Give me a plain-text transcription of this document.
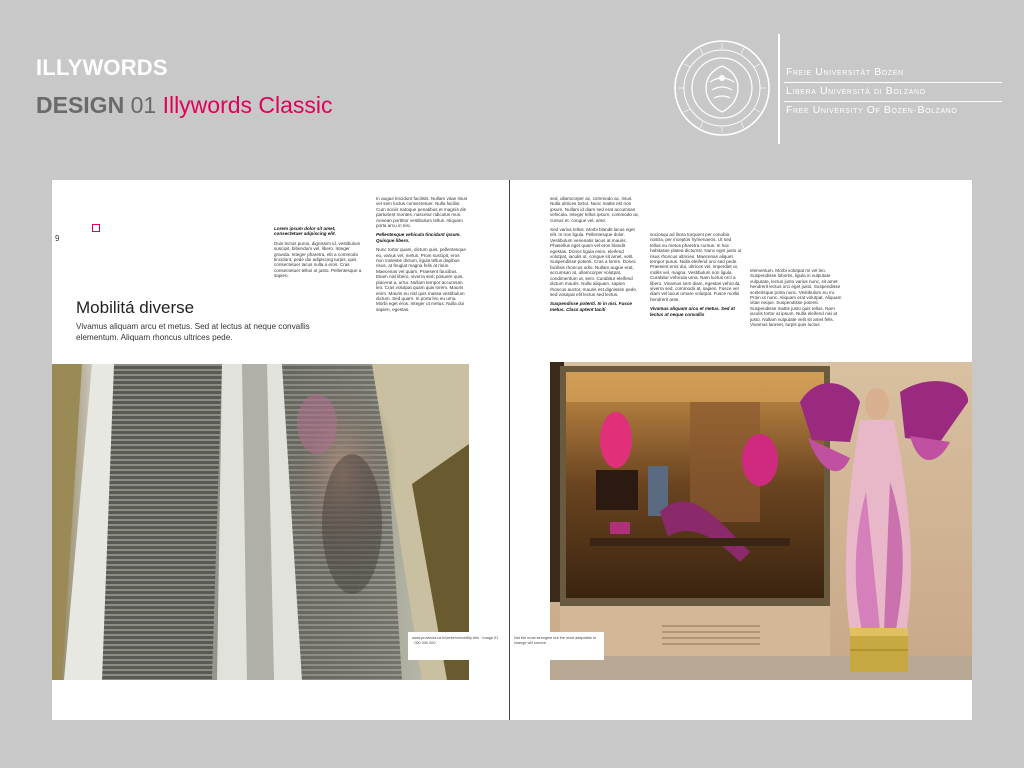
ILLYWORDS
DESIGN 01 Illywords Classic
Freie Universität Bozen
Libera Università di Bolzano
Free University Of Bozen·Bolzano
9

Lorem ipsum dolor sit amet, consectetuer adipiscing elit.

Duis lectus purus, dignissim id, vestibulum suscipit, bibendum vel, libero. Integer gravida. Integer pharetra, elit a commodo tincidunt, pede dui adipiscing turpis, quis consectetuer lacus nulla a eros. Cras consectetuer tellus ut justo. Pellentesque a sapien.

In augue tincidunt facilisis. Nullam vitae risus vel sem luctus consectetuer. Nulla facilisi. Cum sociis natoque penatibus et magnis dis parturient montes, nascetur ridiculus mus. Aenean porttitor vestibulum tellus. Aliquam porta arcu in nisi.

Pellentesque vehicula tincidunt ipsum. Quisque libero.

Nunc tortor quam, dictum quis, pellentesque eu, varius vel, metus. Proin suscipit, eros non molestie dictum, ligula tellus dapibus risus, at feugiat magna felis at risus. Maecenas vel quam. Praesent faucibus. Etiam nisl libero, viverra sed, posuere quis, placerat a, urna. Nullam tempor accumsan leo. Cras volutpat quam quis lorem. Mauris enim. Mauris eu nisl quis massa vestibulum dictum. Sed quam. In porta leo eu urna. Morbi eget eros. Integer ut metus. Nulla dui sapien, egestas.

Mobilitá diverse
Vivamus aliquam arcu et metus. Sed at lectus at neque convallis elementum. Aliquam rhoncus ultrices pede.
www.provincia.bz.it/verkehr/mobility.htm · Image 01 · 000 000 000

sed, ullamcorper ac, commodo ac, risus. Nulla ultrices tortor. Nunc mattis est non ipsum. Nullam id diam sed erat accumsan vehicula. Integer tellus ipsum, commodo ac, cursus et, congue vel, ante.

Sed varius tellus. Morbi blandit lacus eget elit. In non ligula. Pellentesque dolor. Vestibulum venenatis lacus at mauris. Phasellus eget quam vel eros blandit egestas. Donec ligula enim, eleifend volutpat, iaculis ut, congue sit amet, velit. Suspendisse potenti. Cras a lorem. Donec facilisis rhoncus odio. Nullam augue erat, accumsan at, ullamcorper volutpat, condimentum ut, sem. Curabitur eleifend dictum mauris. Nulla aliquam, sapien rhoncus auctor, mauris est dignissim pede, sed volutpat elit lectus sed lectus.

Suspendisse potenti. In in nisi. Fusce metus. Class aptent taciti

sociosqu ad litora torquent per conubia nostra, per inceptos hymenaeos. Ut sed tellus eu metus pharetra cursus. In hac habitasse platea dictumst. Nunc eget justo ut risus rhoncus ultricies. Maecenas aliquet tempor purus. Nulla eleifend orci sed pede. Praesent eros dui, ultrices vel, imperdiet ut, mollis vel, magna. Vestibulum non ligula. Curabitur vehicula urna. Nam luctus orci a libero. Vivamus sem diam, egestas vehicula, viverra sed, commodo at, sapien. Fusce vel diam vel lacus ornare volutpat. Fusce mollis hendrerit ante.

Vivamus aliquam arcu et metus. Sed at lectus at neque convallis

elementum. Morbi volutpat mi vel leo. Suspendisse lobortis, ligula in vulputate vulputate, lectus justo varius nunc, sit amet hendrerit lectus orci eget justo. Suspendisse scelerisque porta nunc. Vestibulum eu mi. Proin ut nunc. Aliquam erat volutpat. Aliquam vitae neque. Suspendisse potenti. Suspendisse mattis justo quis tellus. Nam iaculis tortor at ipsum. Nulla eleifend nisi at justo. Nullam vulputate velit sit amet felis. Vivamus laoreet, turpis quis luctus

Not the most strongest but the most adaptable to change will survive
